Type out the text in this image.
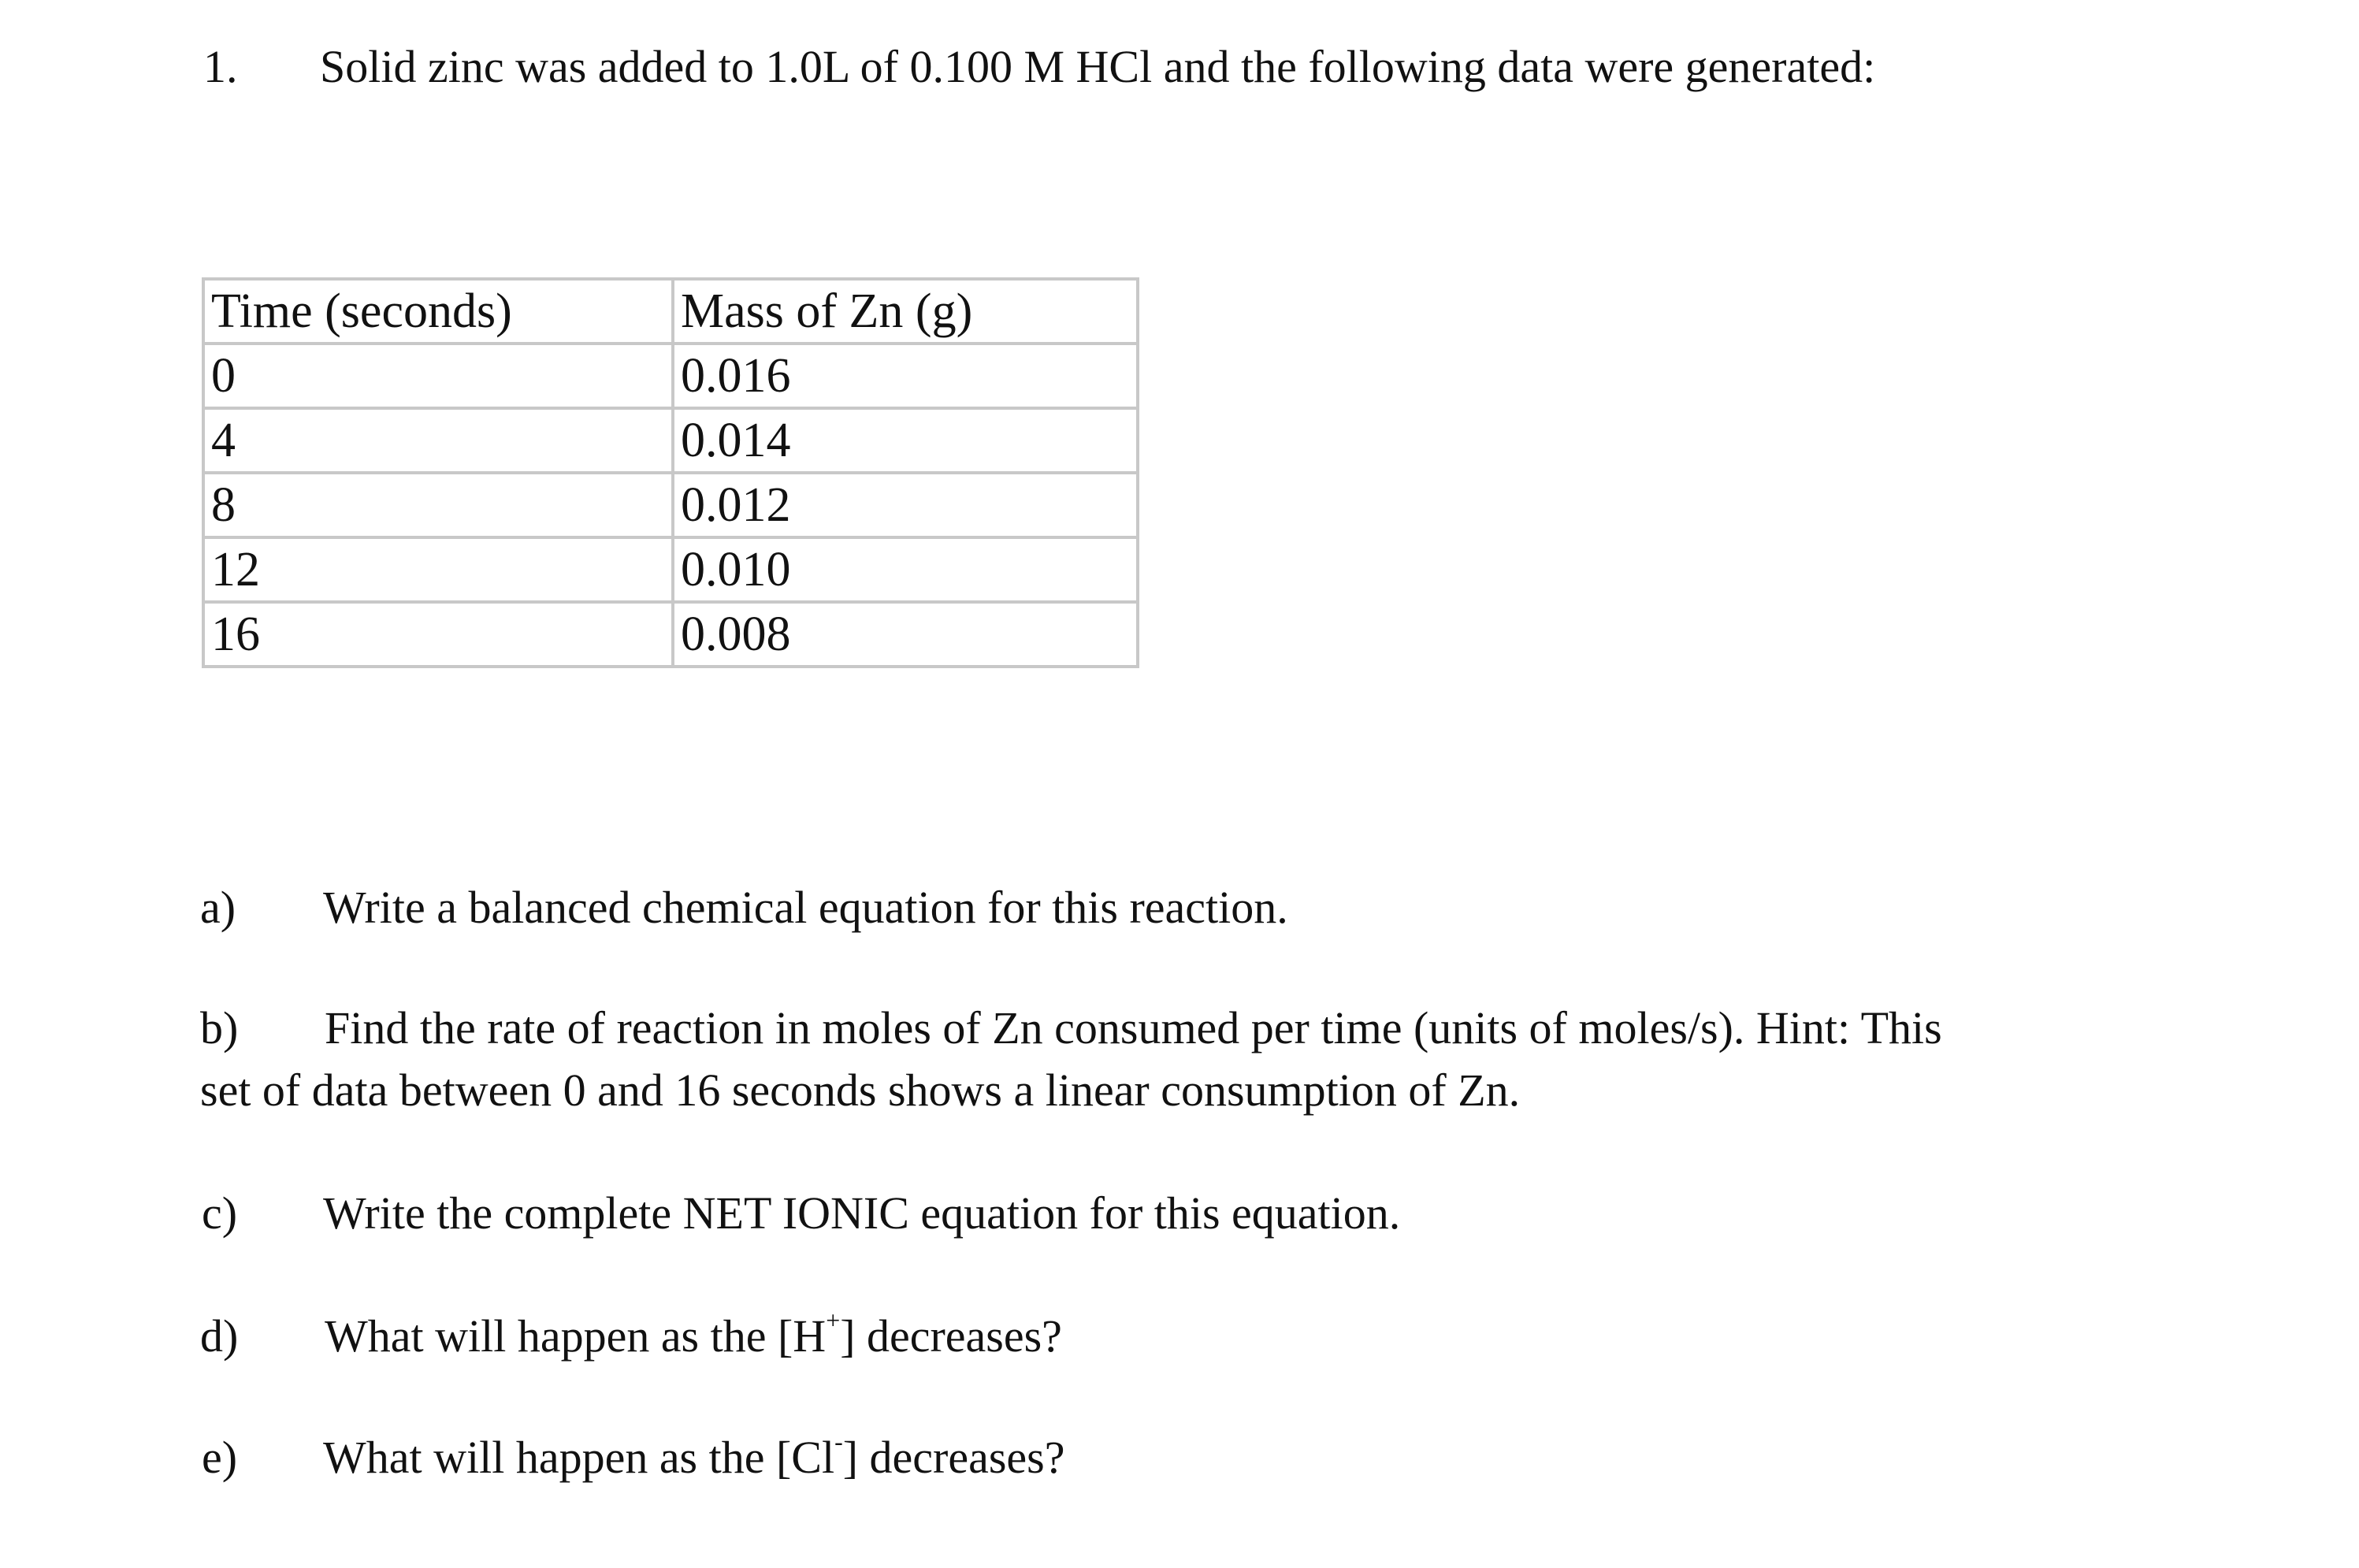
1. Solid zinc was added to 1.0L of 0.100 M HCl and the following data were generated:
Time (seconds)	Mass of Zn (g)
0	0.016
4	0.014
8	0.012
12	0.010
16	0.008
a) Write a balanced chemical equation for this reaction.
b) Find the rate of reaction in moles of Zn consumed per time (units of moles/s). Hint: This
set of data between 0 and 16 seconds shows a linear consumption of Zn.
c) Write the complete NET IONIC equation for this equation.
d) What will happen as the [H+] decreases?
e) What will happen as the [Cl-] decreases?
